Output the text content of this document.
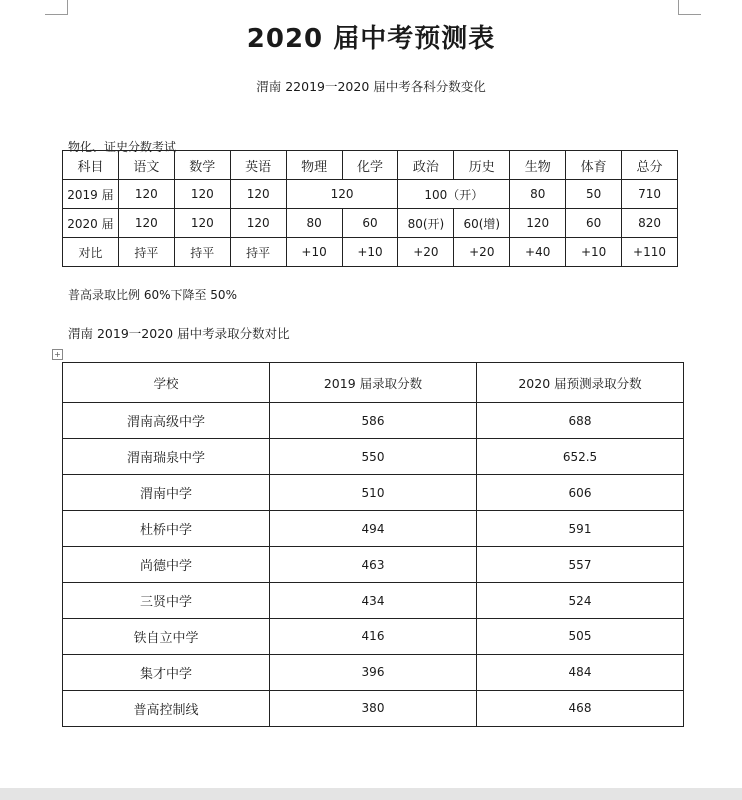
2020 届中考预测表
渭南 22019一2020 届中考各科分数变化
物化、证史分数考试
科目	语文	数学	英语	物理	化学	政治	历史	生物	体育	总分
2019 届	120	120	120	120		100（开）		80	50	710
2020 届	120	120	120	80	60	80(开)	60(增)	120	60	820
对比	持平	持平	持平	+10	+10	+20	+20	+40	+10	+110
普高录取比例 60%下降至 50%
渭南 2019一2020 届中考录取分数对比
+
学校	2019 届录取分数	2020 届预测录取分数
渭南高级中学	586	688
渭南瑞泉中学	550	652.5
渭南中学	510	606
杜桥中学	494	591
尚德中学	463	557
三贤中学	434	524
铁自立中学	416	505
集才中学	396	484
普高控制线	380	468
